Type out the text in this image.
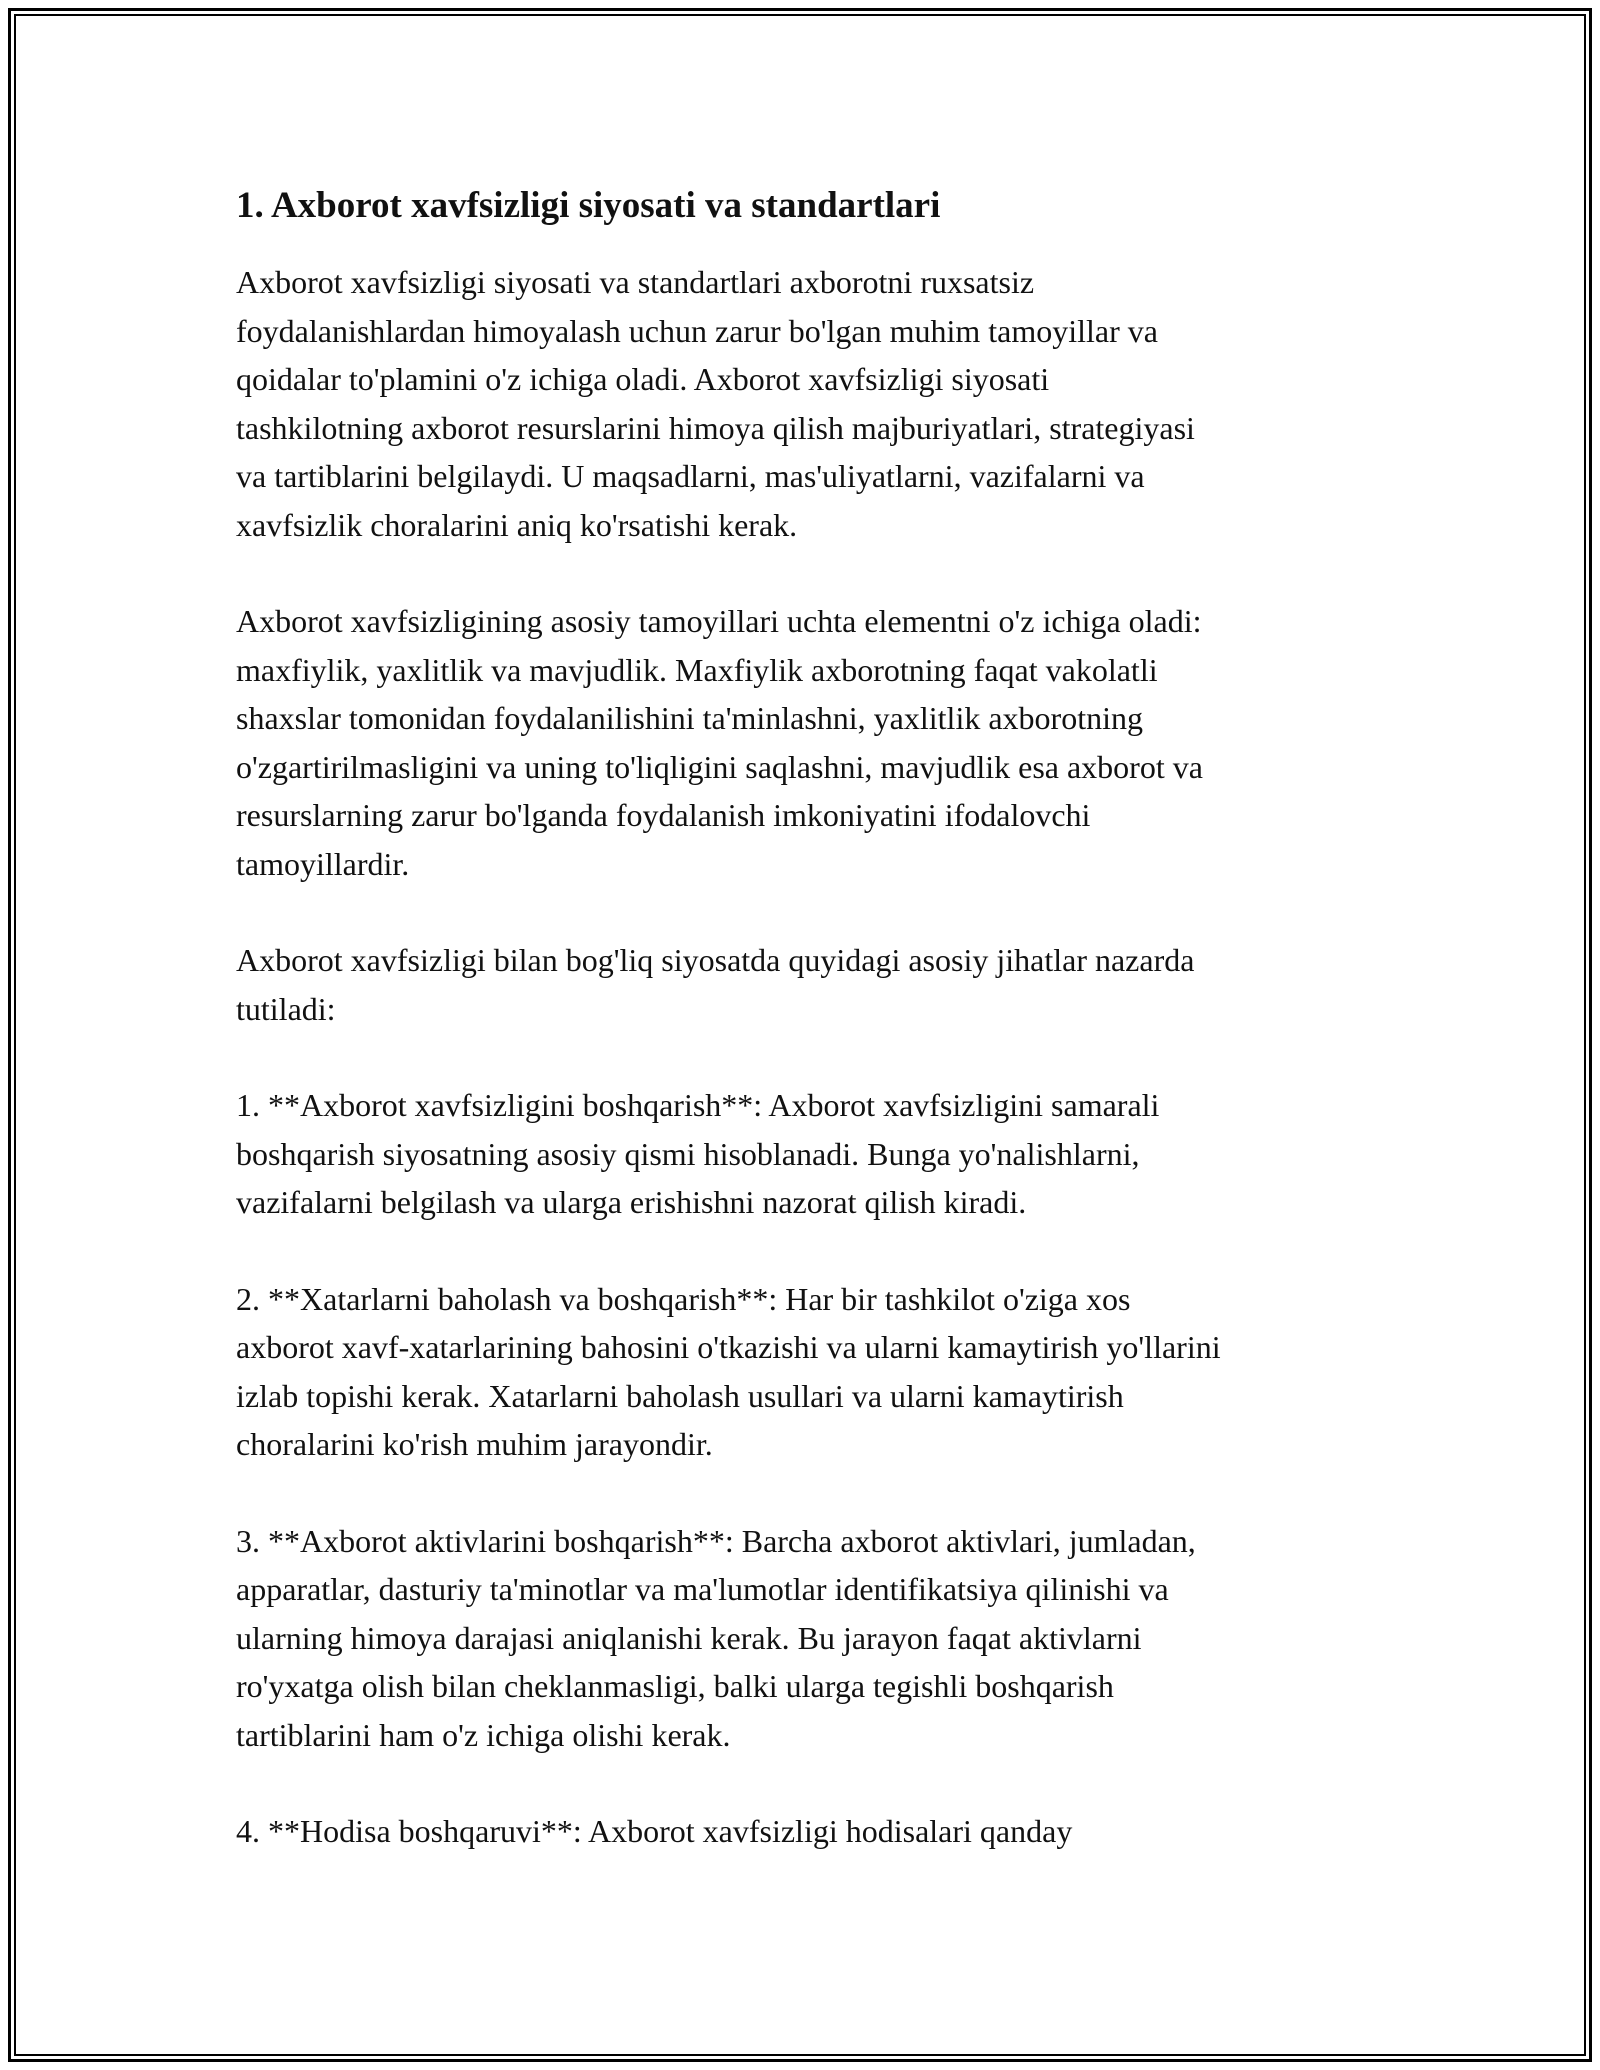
1. Axborot xavfsizligi siyosati va standartlari

Axborot xavfsizligi siyosati va standartlari axborotni ruxsatsiz
foydalanishlardan himoyalash uchun zarur bo'lgan muhim tamoyillar va
qoidalar to'plamini o'z ichiga oladi. Axborot xavfsizligi siyosati
tashkilotning axborot resurslarini himoya qilish majburiyatlari, strategiyasi
va tartiblarini belgilaydi. U maqsadlarni, mas'uliyatlarni, vazifalarni va
xavfsizlik choralarini aniq ko'rsatishi kerak.

Axborot xavfsizligining asosiy tamoyillari uchta elementni o'z ichiga oladi:
maxfiylik, yaxlitlik va mavjudlik. Maxfiylik axborotning faqat vakolatli
shaxslar tomonidan foydalanilishini ta'minlashni, yaxlitlik axborotning
o'zgartirilmasligini va uning to'liqligini saqlashni, mavjudlik esa axborot va
resurslarning zarur bo'lganda foydalanish imkoniyatini ifodalovchi
tamoyillardir.

Axborot xavfsizligi bilan bog'liq siyosatda quyidagi asosiy jihatlar nazarda
tutiladi:

1. **Axborot xavfsizligini boshqarish**: Axborot xavfsizligini samarali
boshqarish siyosatning asosiy qismi hisoblanadi. Bunga yo'nalishlarni,
vazifalarni belgilash va ularga erishishni nazorat qilish kiradi.

2. **Xatarlarni baholash va boshqarish**: Har bir tashkilot o'ziga xos
axborot xavf-xatarlarining bahosini o'tkazishi va ularni kamaytirish yo'llarini
izlab topishi kerak. Xatarlarni baholash usullari va ularni kamaytirish
choralarini ko'rish muhim jarayondir.

3. **Axborot aktivlarini boshqarish**: Barcha axborot aktivlari, jumladan,
apparatlar, dasturiy ta'minotlar va ma'lumotlar identifikatsiya qilinishi va
ularning himoya darajasi aniqlanishi kerak. Bu jarayon faqat aktivlarni
ro'yxatga olish bilan cheklanmasligi, balki ularga tegishli boshqarish
tartiblarini ham o'z ichiga olishi kerak.

4. **Hodisa boshqaruvi**: Axborot xavfsizligi hodisalari qanday
